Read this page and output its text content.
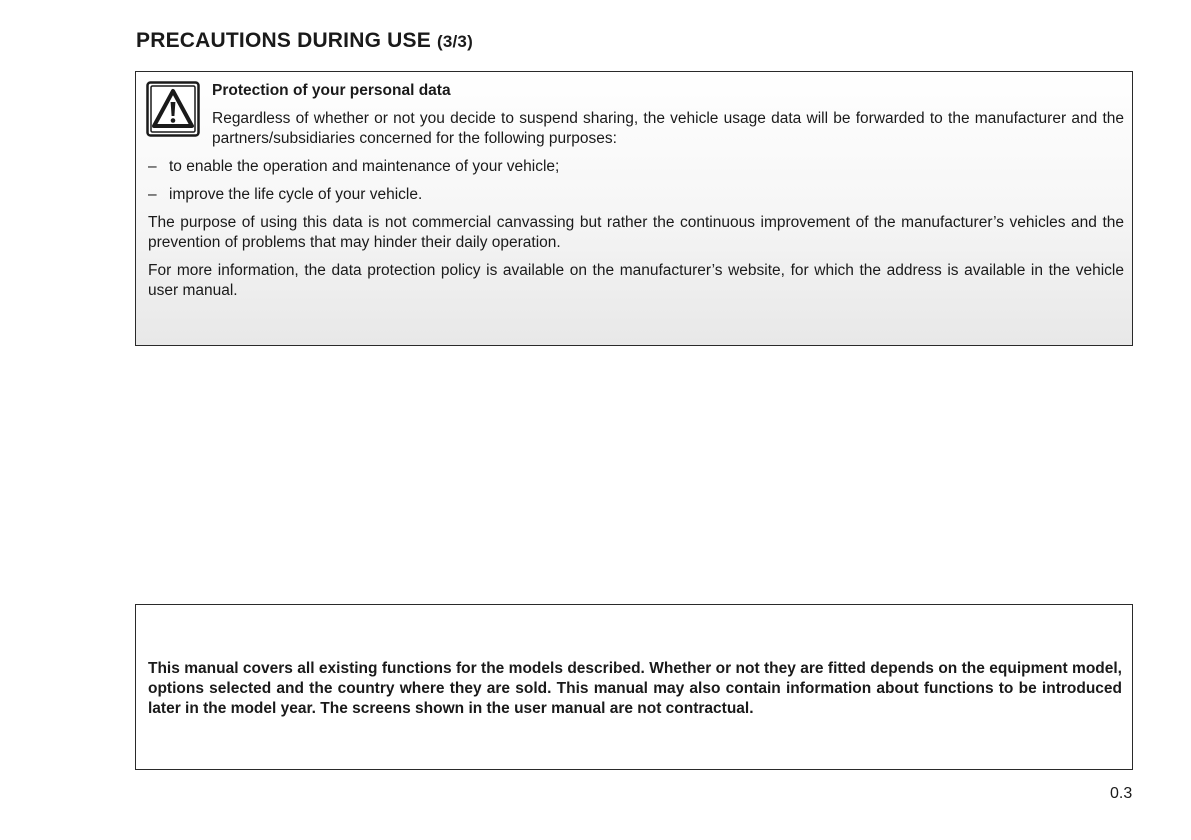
PRECAUTIONS DURING USE (3/3)
Protection of your personal data

Regardless of whether or not you decide to suspend sharing, the vehicle usage data will be forwarded to the manufacturer and the partners/subsidiaries concerned for the following purposes:

– to enable the operation and maintenance of your vehicle;
– improve the life cycle of your vehicle.

The purpose of using this data is not commercial canvassing but rather the continuous improvement of the manufacturer’s vehicles and the prevention of problems that may hinder their daily operation.

For more information, the data protection policy is available on the manufacturer’s website, for which the address is available in the vehicle user manual.

This manual covers all existing functions for the models described. Whether or not they are fitted depends on the equipment model, options selected and the country where they are sold. This manual may also contain information about functions to be introduced later in the model year. The screens shown in the user manual are not contractual.

0.3
